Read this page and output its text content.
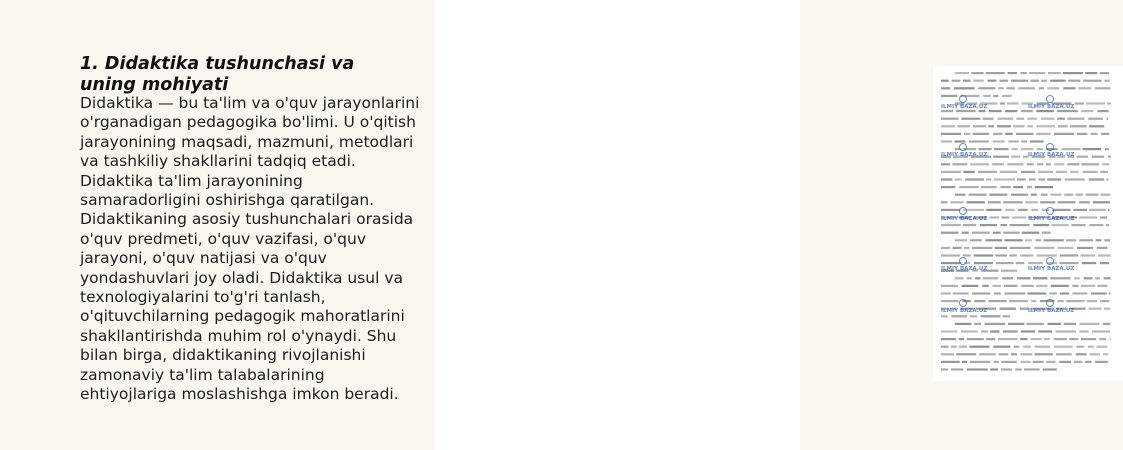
1. Didaktika tushunchasi va uning mohiyati

Didaktika — bu ta'lim va o'quv jarayonlarini o'rganadigan pedagogika bo'limi. U o'qitish jarayonining maqsadi, mazmuni, metodlari va tashkiliy shakllarini tadqiq etadi. Didaktika ta'lim jarayonining samaradorligini oshirishga qaratilgan. Didaktikaning asosiy tushunchalari orasida o'quv predmeti, o'quv vazifasi, o'quv jarayoni, o'quv natijasi va o'quv yondashuvlari joy oladi. Didaktika usul va texnologiyalarini to'g'ri tanlash, o'qituvchilarning pedagogik mahoratlarini shakllantirishda muhim rol o'ynaydi. Shu bilan birga, didaktikaning rivojlanishi zamonaviy ta'lim talabalarining ehtiyojlariga moslashishga imkon beradi.

ILMIY BAZA.UZ	ILMIY BAZA.UZ
ILMIY BAZA.UZ	ILMIY BAZA.UZ
ILMIY BAZA.UZ	ILMIY BAZA.UZ
ILMIY BAZA.UZ	ILMIY BAZA.UZ
ILMIY BAZA.UZ	ILMIY BAZA.UZ
